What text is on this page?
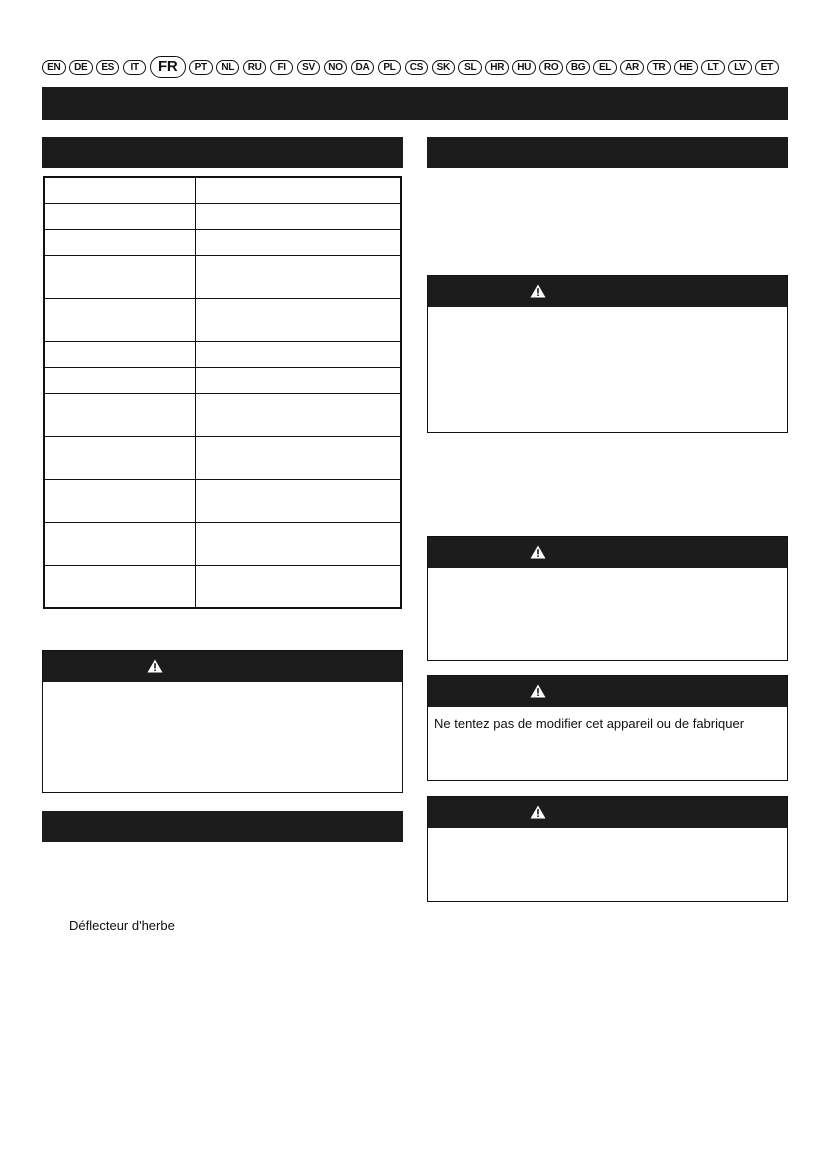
EN	DE	ES	IT	FR	PT	NL	RU	FI	SV	NO	DA	PL	CS	SK	SL	HR	HU	RO	BG	EL	AR	TR	HE	LT	LV	ET

Déflecteur d'herbe
Ne tentez pas de modifier cet appareil ou de fabriquer
